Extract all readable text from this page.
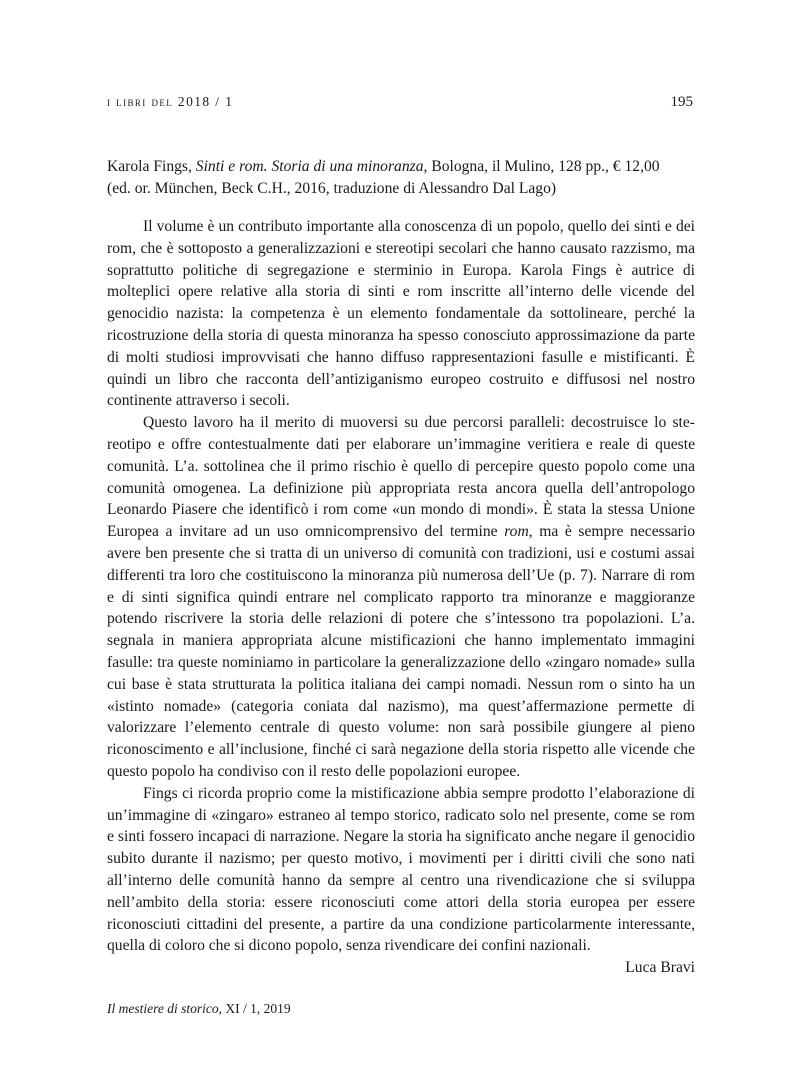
i libri del 2018 / 1	195
Karola Fings, Sinti e rom. Storia di una minoranza, Bologna, il Mulino, 128 pp., € 12,00
(ed. or. München, Beck C.H., 2016, traduzione di Alessandro Dal Lago)

Il volume è un contributo importante alla conoscenza di un popolo, quello dei sinti e dei rom, che è sottoposto a generalizzazioni e stereotipi secolari che hanno causato razzismo, ma soprattutto politiche di segregazione e sterminio in Europa. Karola Fings è autrice di molteplici opere relative alla storia di sinti e rom inscritte all’interno delle vicende del genocidio nazista: la competenza è un elemento fondamentale da sottolineare, perché la ricostruzione della storia di questa minoranza ha spesso conosciuto approssimazione da parte di molti studiosi improvvisati che hanno diffuso rappresentazioni fasulle e mistificanti. È quindi un libro che racconta dell’antiziganismo europeo costruito e diffusosi nel nostro continente attraverso i secoli.

Questo lavoro ha il merito di muoversi su due percorsi paralleli: decostruisce lo stereotipo e offre contestualmente dati per elaborare un’immagine veritiera e reale di queste comunità. L’a. sottolinea che il primo rischio è quello di percepire questo popolo come una comunità omogenea. La definizione più appropriata resta ancora quella dell’antropologo Leonardo Piasere che identificò i rom come «un mondo di mondi». È stata la stessa Unione Europea a invitare ad un uso omnicomprensivo del termine rom, ma è sempre necessario avere ben presente che si tratta di un universo di comunità con tradizioni, usi e costumi assai differenti tra loro che costituiscono la minoranza più numerosa dell’Ue (p. 7). Narrare di rom e di sinti significa quindi entrare nel complicato rapporto tra minoranze e maggioranze potendo riscrivere la storia delle relazioni di potere che s’intessono tra popolazioni. L’a. segnala in maniera appropriata alcune mistificazioni che hanno implementato immagini fasulle: tra queste nominiamo in particolare la generalizzazione dello «zingaro nomade» sulla cui base è stata strutturata la politica italiana dei campi nomadi. Nessun rom o sinto ha un «istinto nomade» (categoria coniata dal nazismo), ma quest’affermazione permette di valorizzare l’elemento centrale di questo volume: non sarà possibile giungere al pieno riconoscimento e all’inclusione, finché ci sarà negazione della storia rispetto alle vicende che questo popolo ha condiviso con il resto delle popolazioni europee.

Fings ci ricorda proprio come la mistificazione abbia sempre prodotto l’elaborazione di un’immagine di «zingaro» estraneo al tempo storico, radicato solo nel presente, come se rom e sinti fossero incapaci di narrazione. Negare la storia ha significato anche negare il genocidio subito durante il nazismo; per questo motivo, i movimenti per i diritti civili che sono nati all’interno delle comunità hanno da sempre al centro una rivendicazione che si sviluppa nell’ambito della storia: essere riconosciuti come attori della storia europea per essere riconosciuti cittadini del presente, a partire da una condizione particolarmente interessante, quella di coloro che si dicono popolo, senza rivendicare dei confini nazionali.

Luca Bravi

Il mestiere di storico, XI / 1, 2019
